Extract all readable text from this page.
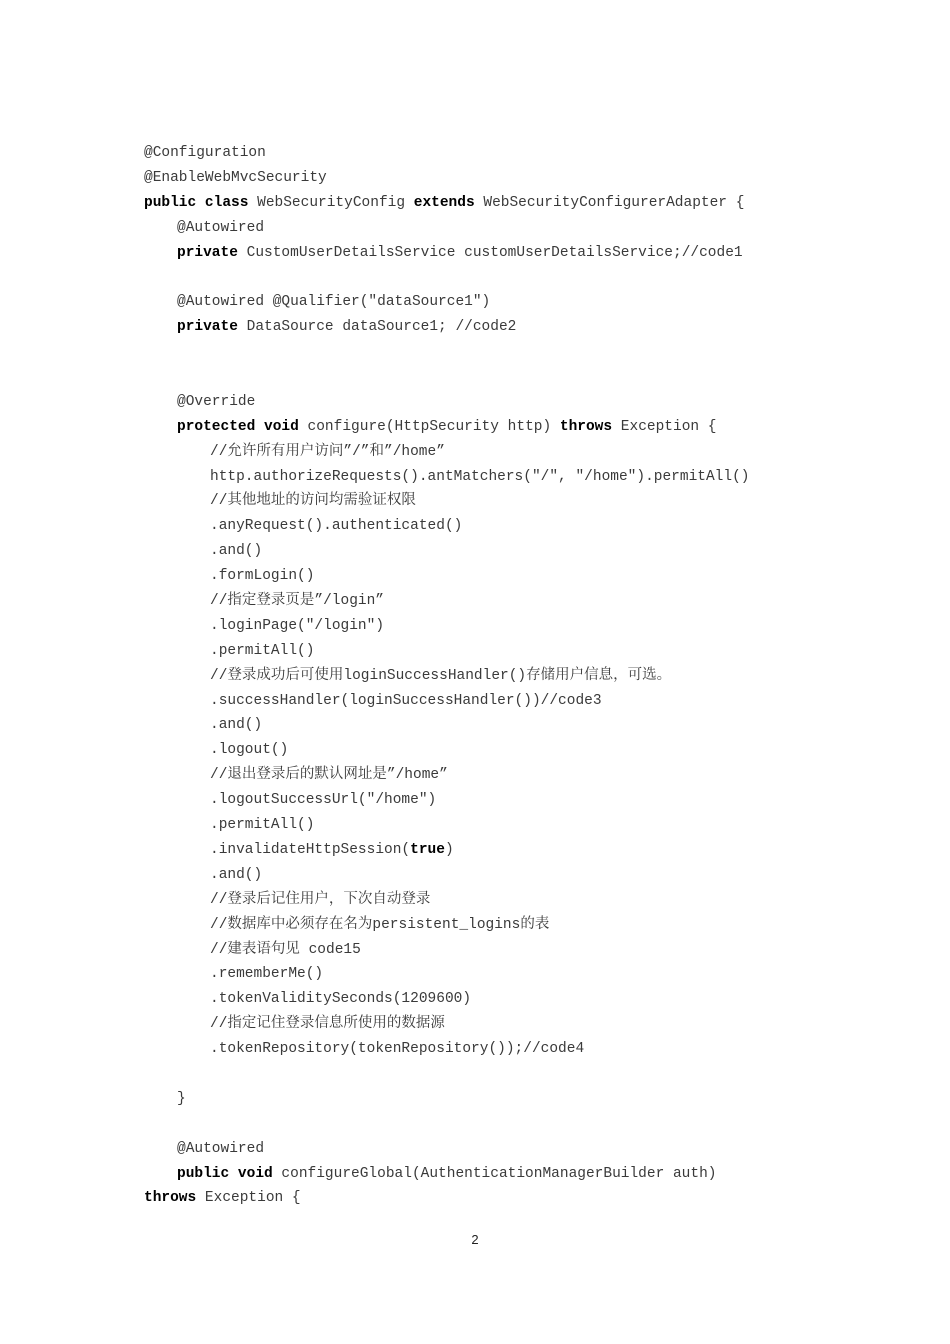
@Configuration
@EnableWebMvcSecurity
public class WebSecurityConfig extends WebSecurityConfigurerAdapter {
@Autowired
private CustomUserDetailsService customUserDetailsService;//code1
@Autowired @Qualifier("dataSource1")
private DataSource dataSource1; //code2
@Override
protected void configure(HttpSecurity http) throws Exception {
//允许所有用户访问”/”和”/home”
http.authorizeRequests().antMatchers("/", "/home").permitAll()
//其他地址的访问均需验证权限
.anyRequest().authenticated()
.and()
.formLogin()
//指定登录页是”/login”
.loginPage("/login")
.permitAll()
//登录成功后可使用loginSuccessHandler()存储用户信息，可选。
.successHandler(loginSuccessHandler())//code3
.and()
.logout()
//退出登录后的默认网址是”/home”
.logoutSuccessUrl("/home")
.permitAll()
.invalidateHttpSession(true)
.and()
//登录后记住用户，下次自动登录
//数据库中必须存在名为persistent_logins的表
//建表语句见 code15
.rememberMe()
.tokenValiditySeconds(1209600)
//指定记住登录信息所使用的数据源
.tokenRepository(tokenRepository());//code4
}
@Autowired
public void configureGlobal(AuthenticationManagerBuilder auth)
throws Exception {
2
